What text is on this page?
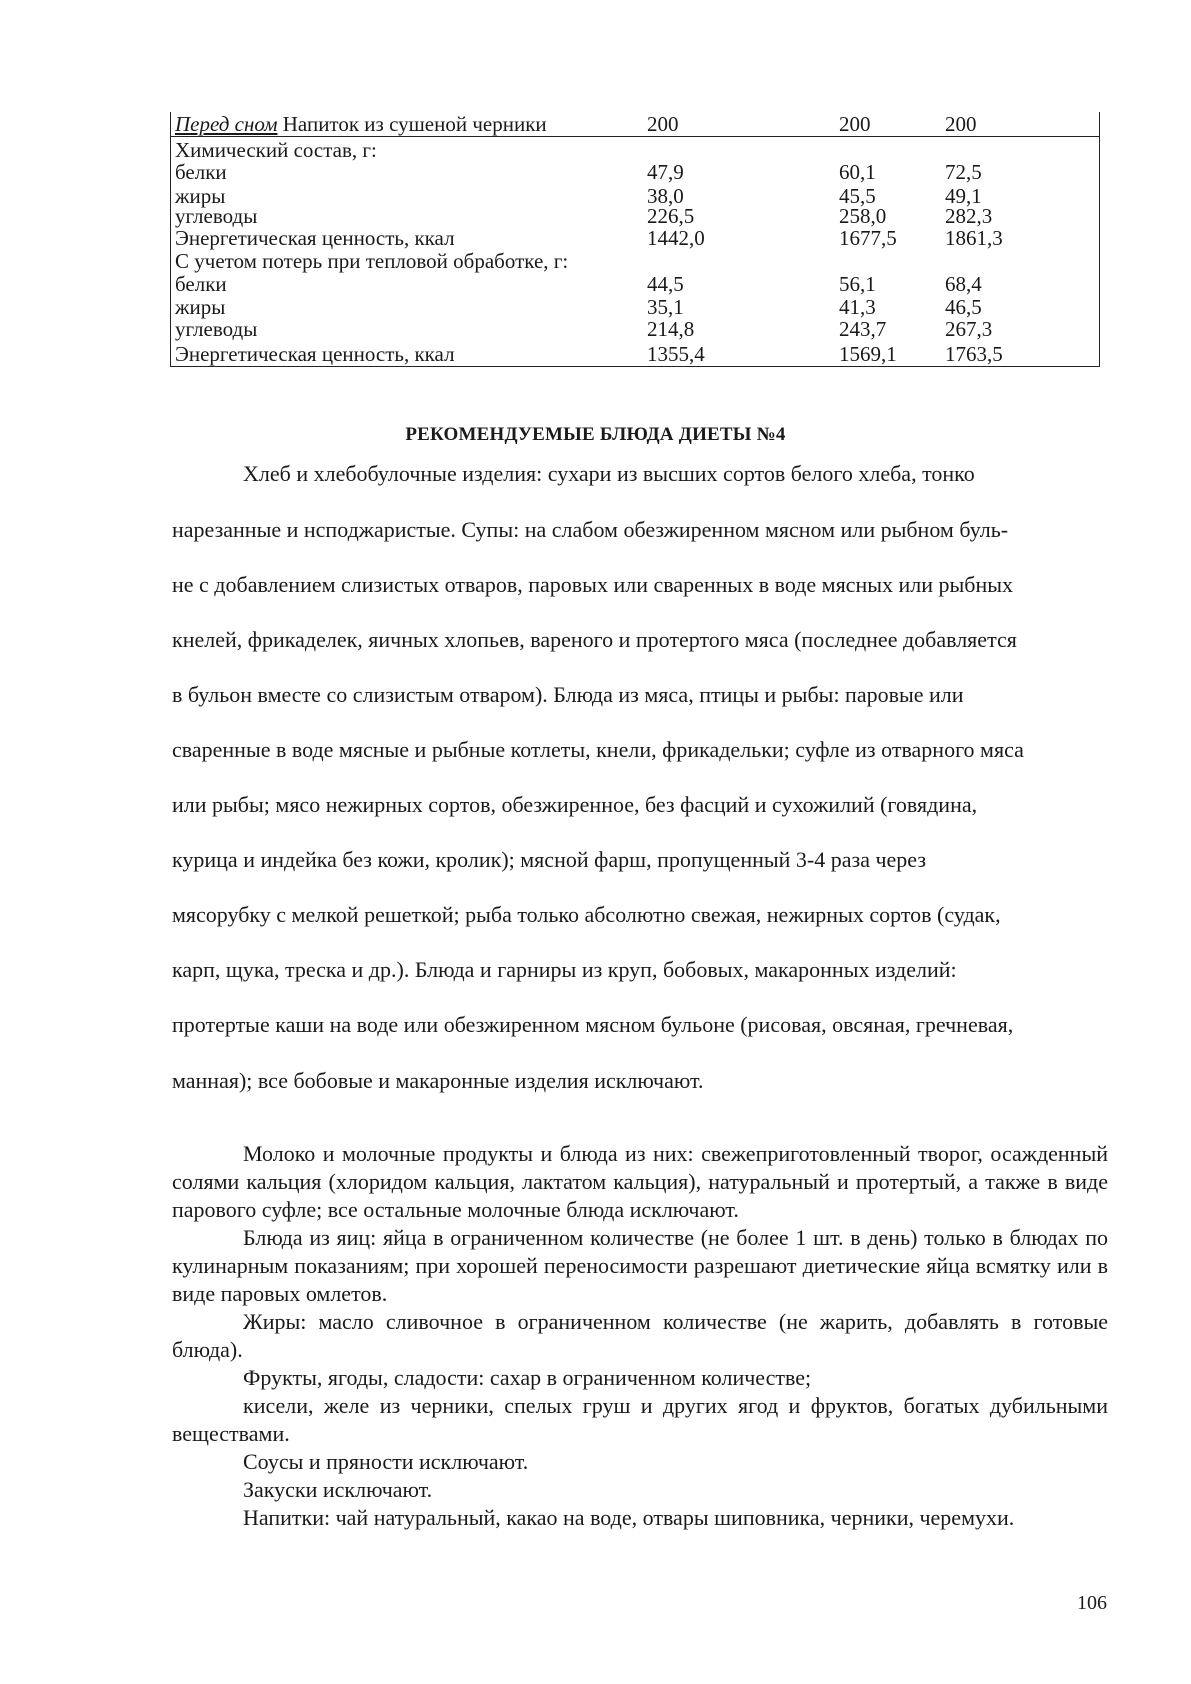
Перед сном Напиток из сушеной черники	200	200	200
Химический состав, г:
белки	47,9	60,1	72,5
жиры	38,0	45,5	49,1
углеводы	226,5	258,0	282,3
Энергетическая ценность, ккал	1442,0	1677,5 1861,3
С учетом потерь при тепловой обработке, г:
белки	44,5	56,1	68,4
жиры	35,1	41,3	46,5
углеводы	214,8	243,7	267,3
Энергетическая ценность, ккал	1355,4	1569,1 1763,5
РЕКОМЕНДУЕМЫЕ БЛЮДА ДИЕТЫ №4
Хлеб и хлебобулочные изделия: сухари из высших сортов белого хлеба, тонко
нарезанные и нсподжаристые. Супы: на слабом обезжиренном мясном или рыбном буль-
не с добавлением слизистых отваров, паровых или сваренных в воде мясных или рыбных
кнелей, фрикаделек, яичных хлопьев, вареного и протертого мяса (последнее добавляется
в бульон вместе со слизистым отваром). Блюда из мяса, птицы и рыбы: паровые или
сваренные в воде мясные и рыбные котлеты, кнели, фрикадельки; суфле из отварного мяса
или рыбы; мясо нежирных сортов, обезжиренное, без фасций и сухожилий (говядина,
курица и индейка без кожи, кролик); мясной фарш, пропущенный 3-4 раза через
мясорубку с мелкой решеткой; рыба только абсолютно свежая, нежирных сортов (судак,
карп, щука, треска и др.). Блюда и гарниры из круп, бобовых, макаронных изделий:
протертые каши на воде или обезжиренном мясном бульоне (рисовая, овсяная, гречневая,
манная); все бобовые и макаронные изделия исключают.

Молоко и молочные продукты и блюда из них: свежеприготовленный творог, осажденный солями кальция (хлоридом кальция, лактатом кальция), натуральный и протертый, а также в виде парового суфле; все остальные молочные блюда исключают.

Блюда из яиц: яйца в ограниченном количестве (не более 1 шт. в день) только в блюдах по кулинарным показаниям; при хорошей переносимости разрешают диетические яйца всмятку или в виде паровых омлетов.

Жиры: масло сливочное в ограниченном количестве (не жарить, добавлять в готовые блюда).

Фрукты, ягоды, сладости: сахар в ограниченном количестве;

кисели, желе из черники, спелых груш и других ягод и фруктов, богатых дубильными веществами.

Соусы и пряности исключают.

Закуски исключают.

Напитки: чай натуральный, какао на воде, отвары шиповника, черники, черемухи.

106
